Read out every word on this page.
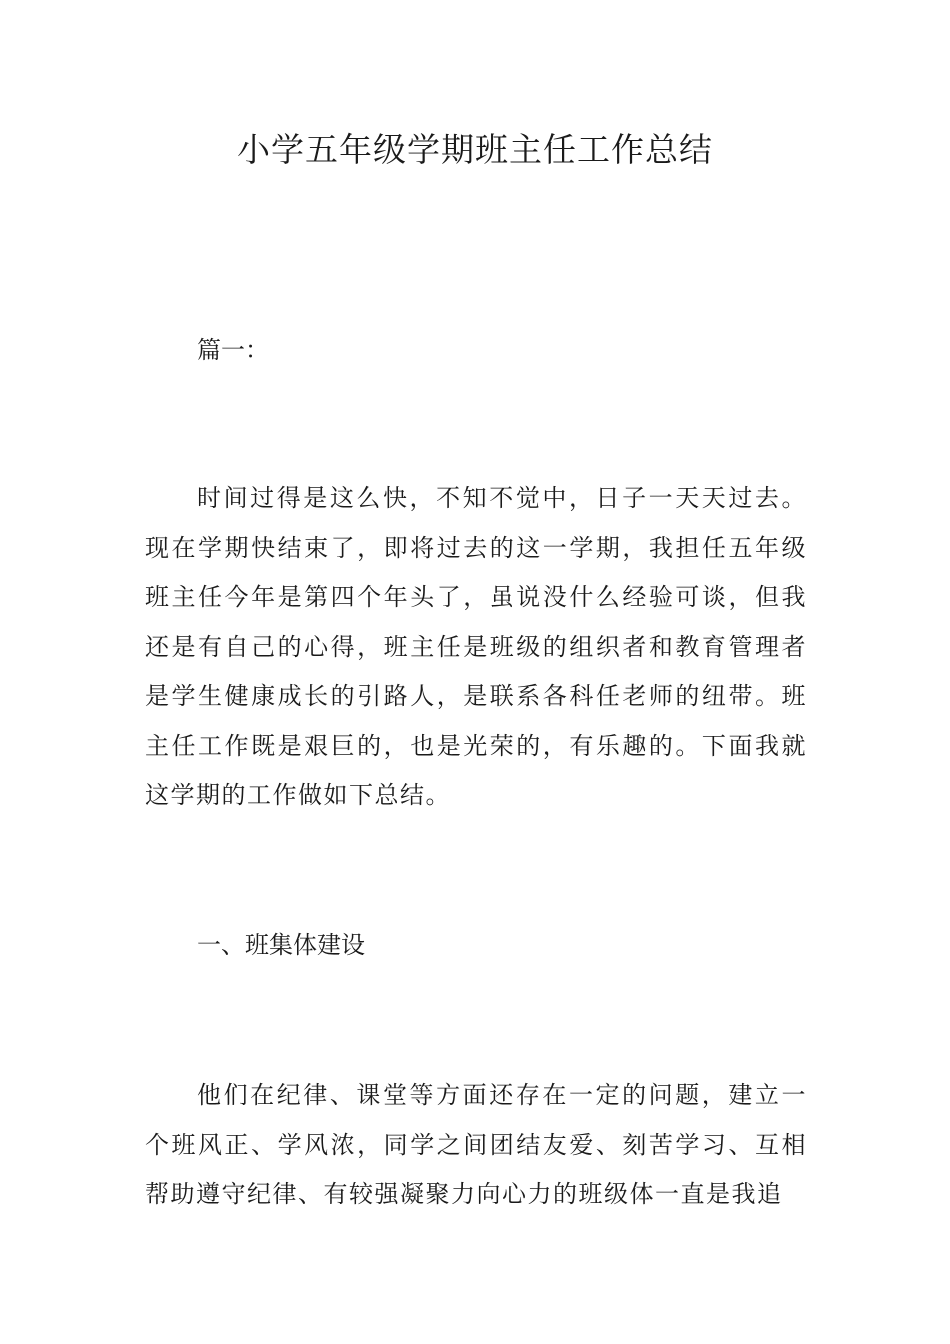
小学五年级学期班主任工作总结

篇一：

时间过得是这么快，不知不觉中，日子一天天过去。现在学期快结束了，即将过去的这一学期，我担任五年级班主任今年是第四个年头了，虽说没什么经验可谈，但我还是有自己的心得，班主任是班级的组织者和教育管理者是学生健康成长的引路人，是联系各科任老师的纽带。班主任工作既是艰巨的，也是光荣的，有乐趣的。下面我就这学期的工作做如下总结。

一、班集体建设

他们在纪律、课堂等方面还存在一定的问题，建立一个班风正、学风浓，同学之间团结友爱、刻苦学习、互相帮助遵守纪律、有较强凝聚力向心力的班级体一直是我追
